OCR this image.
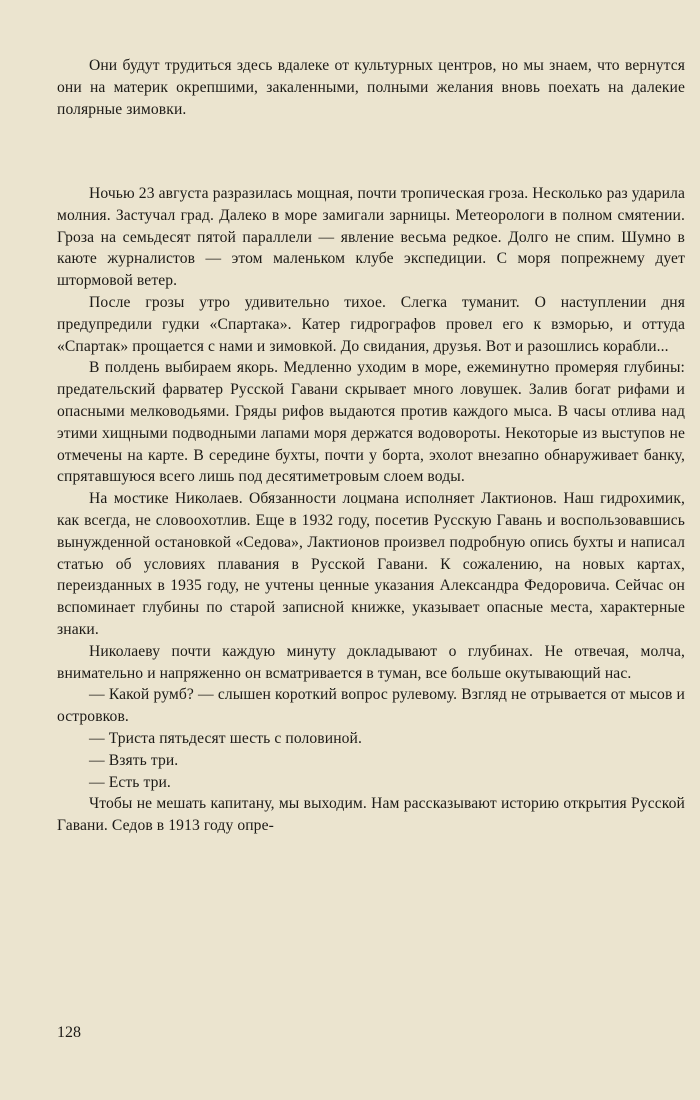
Они будут трудиться здесь вдалеке от культурных центров, но мы знаем, что вернутся они на материк окрепшими, закаленными, полными желания вновь поехать на далекие полярные зимовки.

Ночью 23 августа разразилась мощная, почти тропическая гроза. Несколько раз ударила молния. Застучал град. Далеко в море замигали зарницы. Метеорологи в полном смятении. Гроза на семьдесят пятой параллели — явление весьма редкое. Долго не спим. Шумно в каюте журналистов — этом маленьком клубе экспедиции. С моря попрежнему дует штормовой ветер.

После грозы утро удивительно тихое. Слегка туманит. О наступлении дня предупредили гудки «Спартака». Катер гидрографов провел его к взморью, и оттуда «Спартак» прощается с нами и зимовкой. До свидания, друзья. Вот и разошлись корабли...

В полдень выбираем якорь. Медленно уходим в море, ежеминутно промеряя глубины: предательский фарватер Русской Гавани скрывает много ловушек. Залив богат рифами и опасными мелководьями. Гряды рифов выдаются против каждого мыса. В часы отлива над этими хищными подводными лапами моря держатся водовороты. Некоторые из выступов не отмечены на карте. В середине бухты, почти у борта, эхолот внезапно обнаруживает банку, спрятавшуюся всего лишь под десятиметровым слоем воды.

На мостике Николаев. Обязанности лоцмана исполняет Лактионов. Наш гидрохимик, как всегда, не словоохотлив. Еще в 1932 году, посетив Русскую Гавань и воспользовавшись вынужденной остановкой «Седова», Лактионов произвел подробную опись бухты и написал статью об условиях плавания в Русской Гавани. К сожалению, на новых картах, переизданных в 1935 году, не учтены ценные указания Александра Федоровича. Сейчас он вспоминает глубины по старой записной книжке, указывает опасные места, характерные знаки.

Николаеву почти каждую минуту докладывают о глубинах. Не отвечая, молча, внимательно и напряженно он всматривается в туман, все больше окутывающий нас.

— Какой румб? — слышен короткий вопрос рулевому. Взгляд не отрывается от мысов и островков.

— Триста пятьдесят шесть с половиной.

— Взять три.

— Есть три.

Чтобы не мешать капитану, мы выходим. Нам рассказывают историю открытия Русской Гавани. Седов в 1913 году опре-

128
